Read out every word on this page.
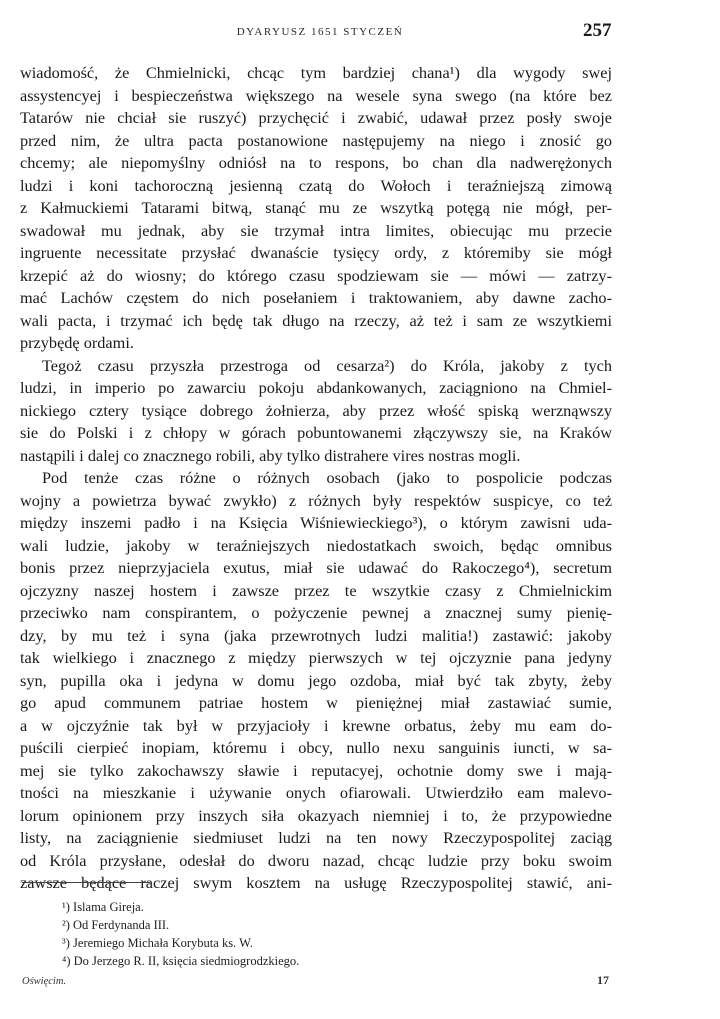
DYARYUSZ 1651 STYCZEŃ	257
wiadomość, że Chmielnicki, chcąc tym bardziej chana¹) dla wygody swej
assystencyej i bespieczeństwa większego na wesele syna swego (na które bez
Tatarów nie chciał sie ruszyć) przychęcić i zwabić, udawał przez posły swoje
przed nim, że ultra pacta postanowione następujemy na niego i znosić go
chcemy; ale niepomyślny odniósł na to respons, bo chan dla nadwerężonych
ludzi i koni tachoroczną jesienną czatą do Wołoch i teraźniejszą zimową
z Kałmuckiemi Tatarami bitwą, stanąć mu ze wszytką potęgą nie mógł, per-
swadował mu jednak, aby sie trzymał intra limites, obiecując mu przecie
ingruente necessitate przysłać dwanaście tysięcy ordy, z któremiby sie mógł
krzepić aż do wiosny; do którego czasu spodziewam sie — mówi — zatrzy-
mać Lachów częstem do nich posełaniem i traktowaniem, aby dawne zacho-
wali pacta, i trzymać ich będę tak długo na rzeczy, aż też i sam ze wszytkiemi
przybędę ordami.
Tegoż czasu przyszła przestroga od cesarza²) do Króla, jakoby z tych
ludzi, in imperio po zawarciu pokoju abdankowanych, zaciągniono na Chmiel-
nickiego cztery tysiące dobrego żołnierza, aby przez włość spiską werznąwszy
sie do Polski i z chłopy w górach pobuntowanemi złączywszy sie, na Kraków
nastąpili i dalej co znacznego robili, aby tylko distrahere vires nostras mogli.
Pod tenże czas różne o różnych osobach (jako to pospolicie podczas
wojny a powietrza bywać zwykło) z różnych były respektów suspicye, co też
między inszemi padło i na Księcia Wiśniewieckiego³), o którym zawisni uda-
wali ludzie, jakoby w teraźniejszych niedostatkach swoich, będąc omnibus
bonis przez nieprzyjaciela exutus, miał sie udawać do Rakoczego⁴), secretum
ojczyzny naszej hostem i zawsze przez te wszytkie czasy z Chmielnickim
przeciwko nam conspirantem, o pożyczenie pewnej a znacznej sumy pienię-
dzy, by mu też i syna (jaka przewrotnych ludzi malitia!) zastawić: jakoby
tak wielkiego i znacznego z między pierwszych w tej ojczyznie pana jedyny
syn, pupilla oka i jedyna w domu jego ozdoba, miał być tak zbyty, żeby
go apud communem patriae hostem w pieniężnej miał zastawiać sumie,
a w ojczyźnie tak był w przyjacioły i krewne orbatus, żeby mu eam do-
puścili cierpieć inopiam, któremu i obcy, nullo nexu sanguinis iuncti, w sa-
mej sie tylko zakochawszy sławie i reputacyej, ochotnie domy swe i mają-
tności na mieszkanie i używanie onych ofiarowali. Utwierdziło eam malevo-
lorum opinionem przy inszych siła okazyach niemniej i to, że przypowiedne
listy, na zaciągnienie siedmiuset ludzi na ten nowy Rzeczypospolitej zaciąg
od Króla przysłane, odesłał do dworu nazad, chcąc ludzie przy boku swoim
zawsze będące raczej swym kosztem na usługę Rzeczypospolitej stawić, ani-
¹) Islama Gireja.
²) Od Ferdynanda III.
³) Jeremiego Michała Korybuta ks. W.
⁴) Do Jerzego R. II, księcia siedmiogrodzkiego.
Oświęcim.	17
